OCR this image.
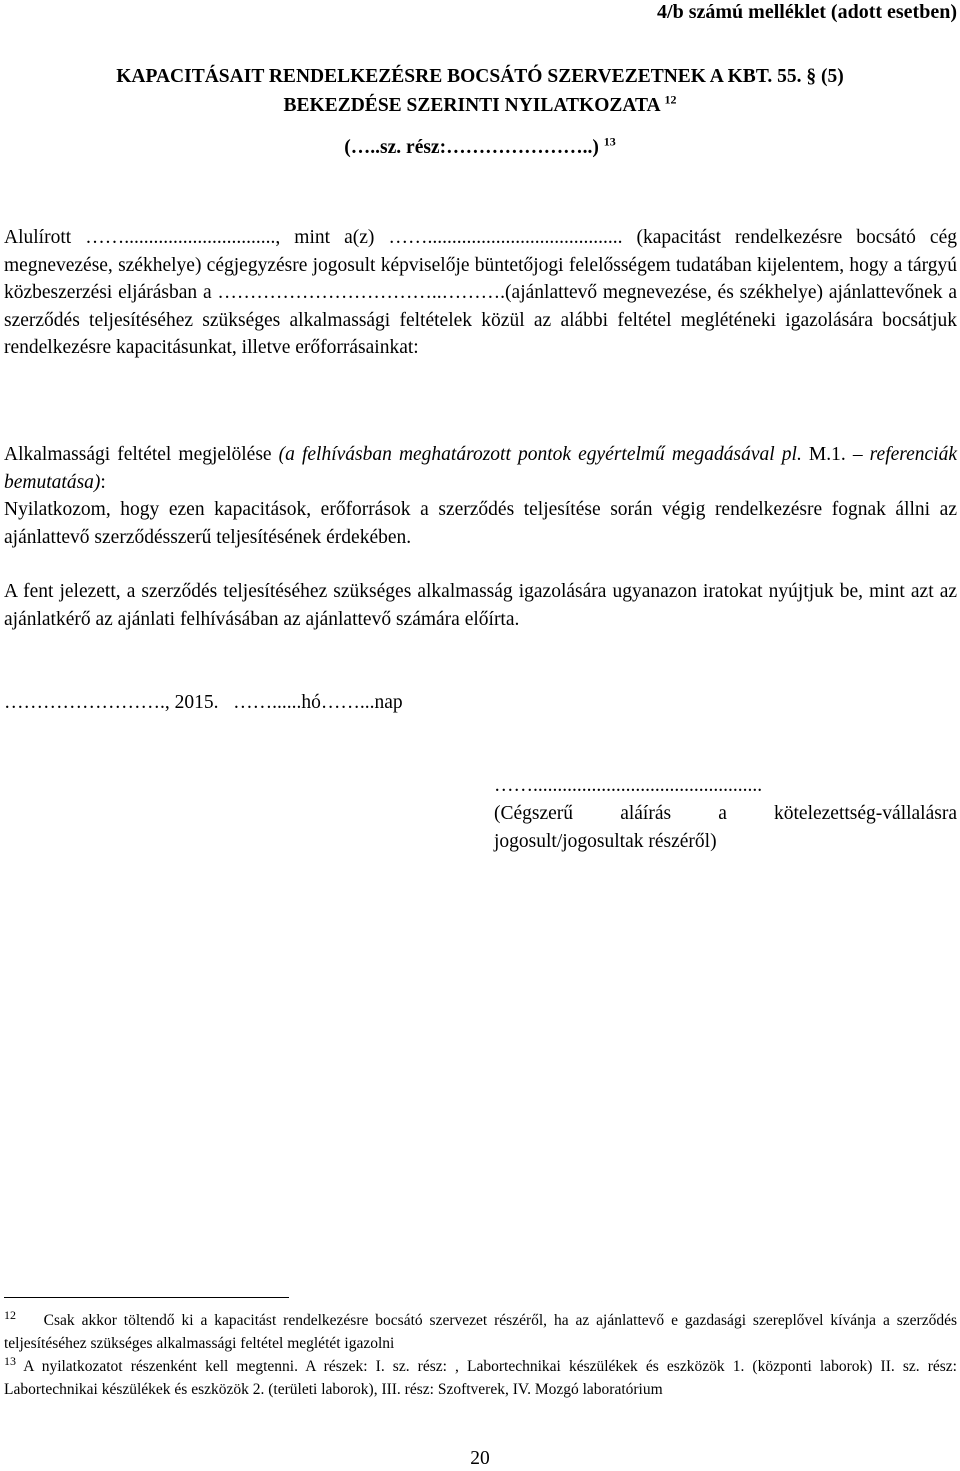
4/b számú melléklet (adott esetben)
KAPACITÁSAIT RENDELKEZÉSRE BOCSÁTÓ SZERVEZETNEK A KBT. 55. § (5)
BEKEZDÉSE SZERINTI NYILATKOZATA $^{12}$
(…..sz. rész:…………………..) $^{13}$
Alulírott ……..............................., mint a(z) ……........................................ (kapacitást rendelkezésre bocsátó cég megnevezése, székhelye) cégjegyzésre jogosult képviselője büntetőjogi felelősségem tudatában kijelentem, hogy a tárgyú közbeszerzési eljárásban a ……………………………..……….(ajánlattevő megnevezése, és székhelye) ajánlattevőnek a szerződés teljesítéséhez szükséges alkalmassági feltételek közül az alábbi feltétel megléténeki igazolására bocsátjuk rendelkezésre kapacitásunkat, illetve erőforrásainkat:
Alkalmassági feltétel megjelölése (a felhívásban meghatározott pontok egyértelmű megadásával pl. M.1. – referenciák bemutatása):
Nyilatkozom, hogy ezen kapacitások, erőforrások a szerződés teljesítése során végig rendelkezésre fognak állni az ajánlattevő szerződésszerű teljesítésének érdekében.
A fent jelezett, a szerződés teljesítéséhez szükséges alkalmasság igazolására ugyanazon iratokat nyújtjuk be, mint azt az ajánlatkérő az ajánlati felhívásában az ajánlattevő számára előírta.
……………………., 2015.   ……......hó……...nap
……...............................................
(Cégszerű aláírás a kötelezettség-vállalásra jogosult/jogosultak részéről)
$^{12}$ Csak akkor töltendő ki a kapacitást rendelkezésre bocsátó szervezet részéről, ha az ajánlattevő e gazdasági szereplővel kívánja a szerződés teljesítéséhez szükséges alkalmassági feltétel meglétét igazolni
$^{13}$ A nyilatkozatot részenként kell megtenni. A részek: I. sz. rész: , Labortechnikai készülékek és eszközök 1. (központi laborok) II. sz. rész: Labortechnikai készülékek és eszközök 2. (területi laborok), III. rész: Szoftverek, IV. Mozgó laboratórium
20
